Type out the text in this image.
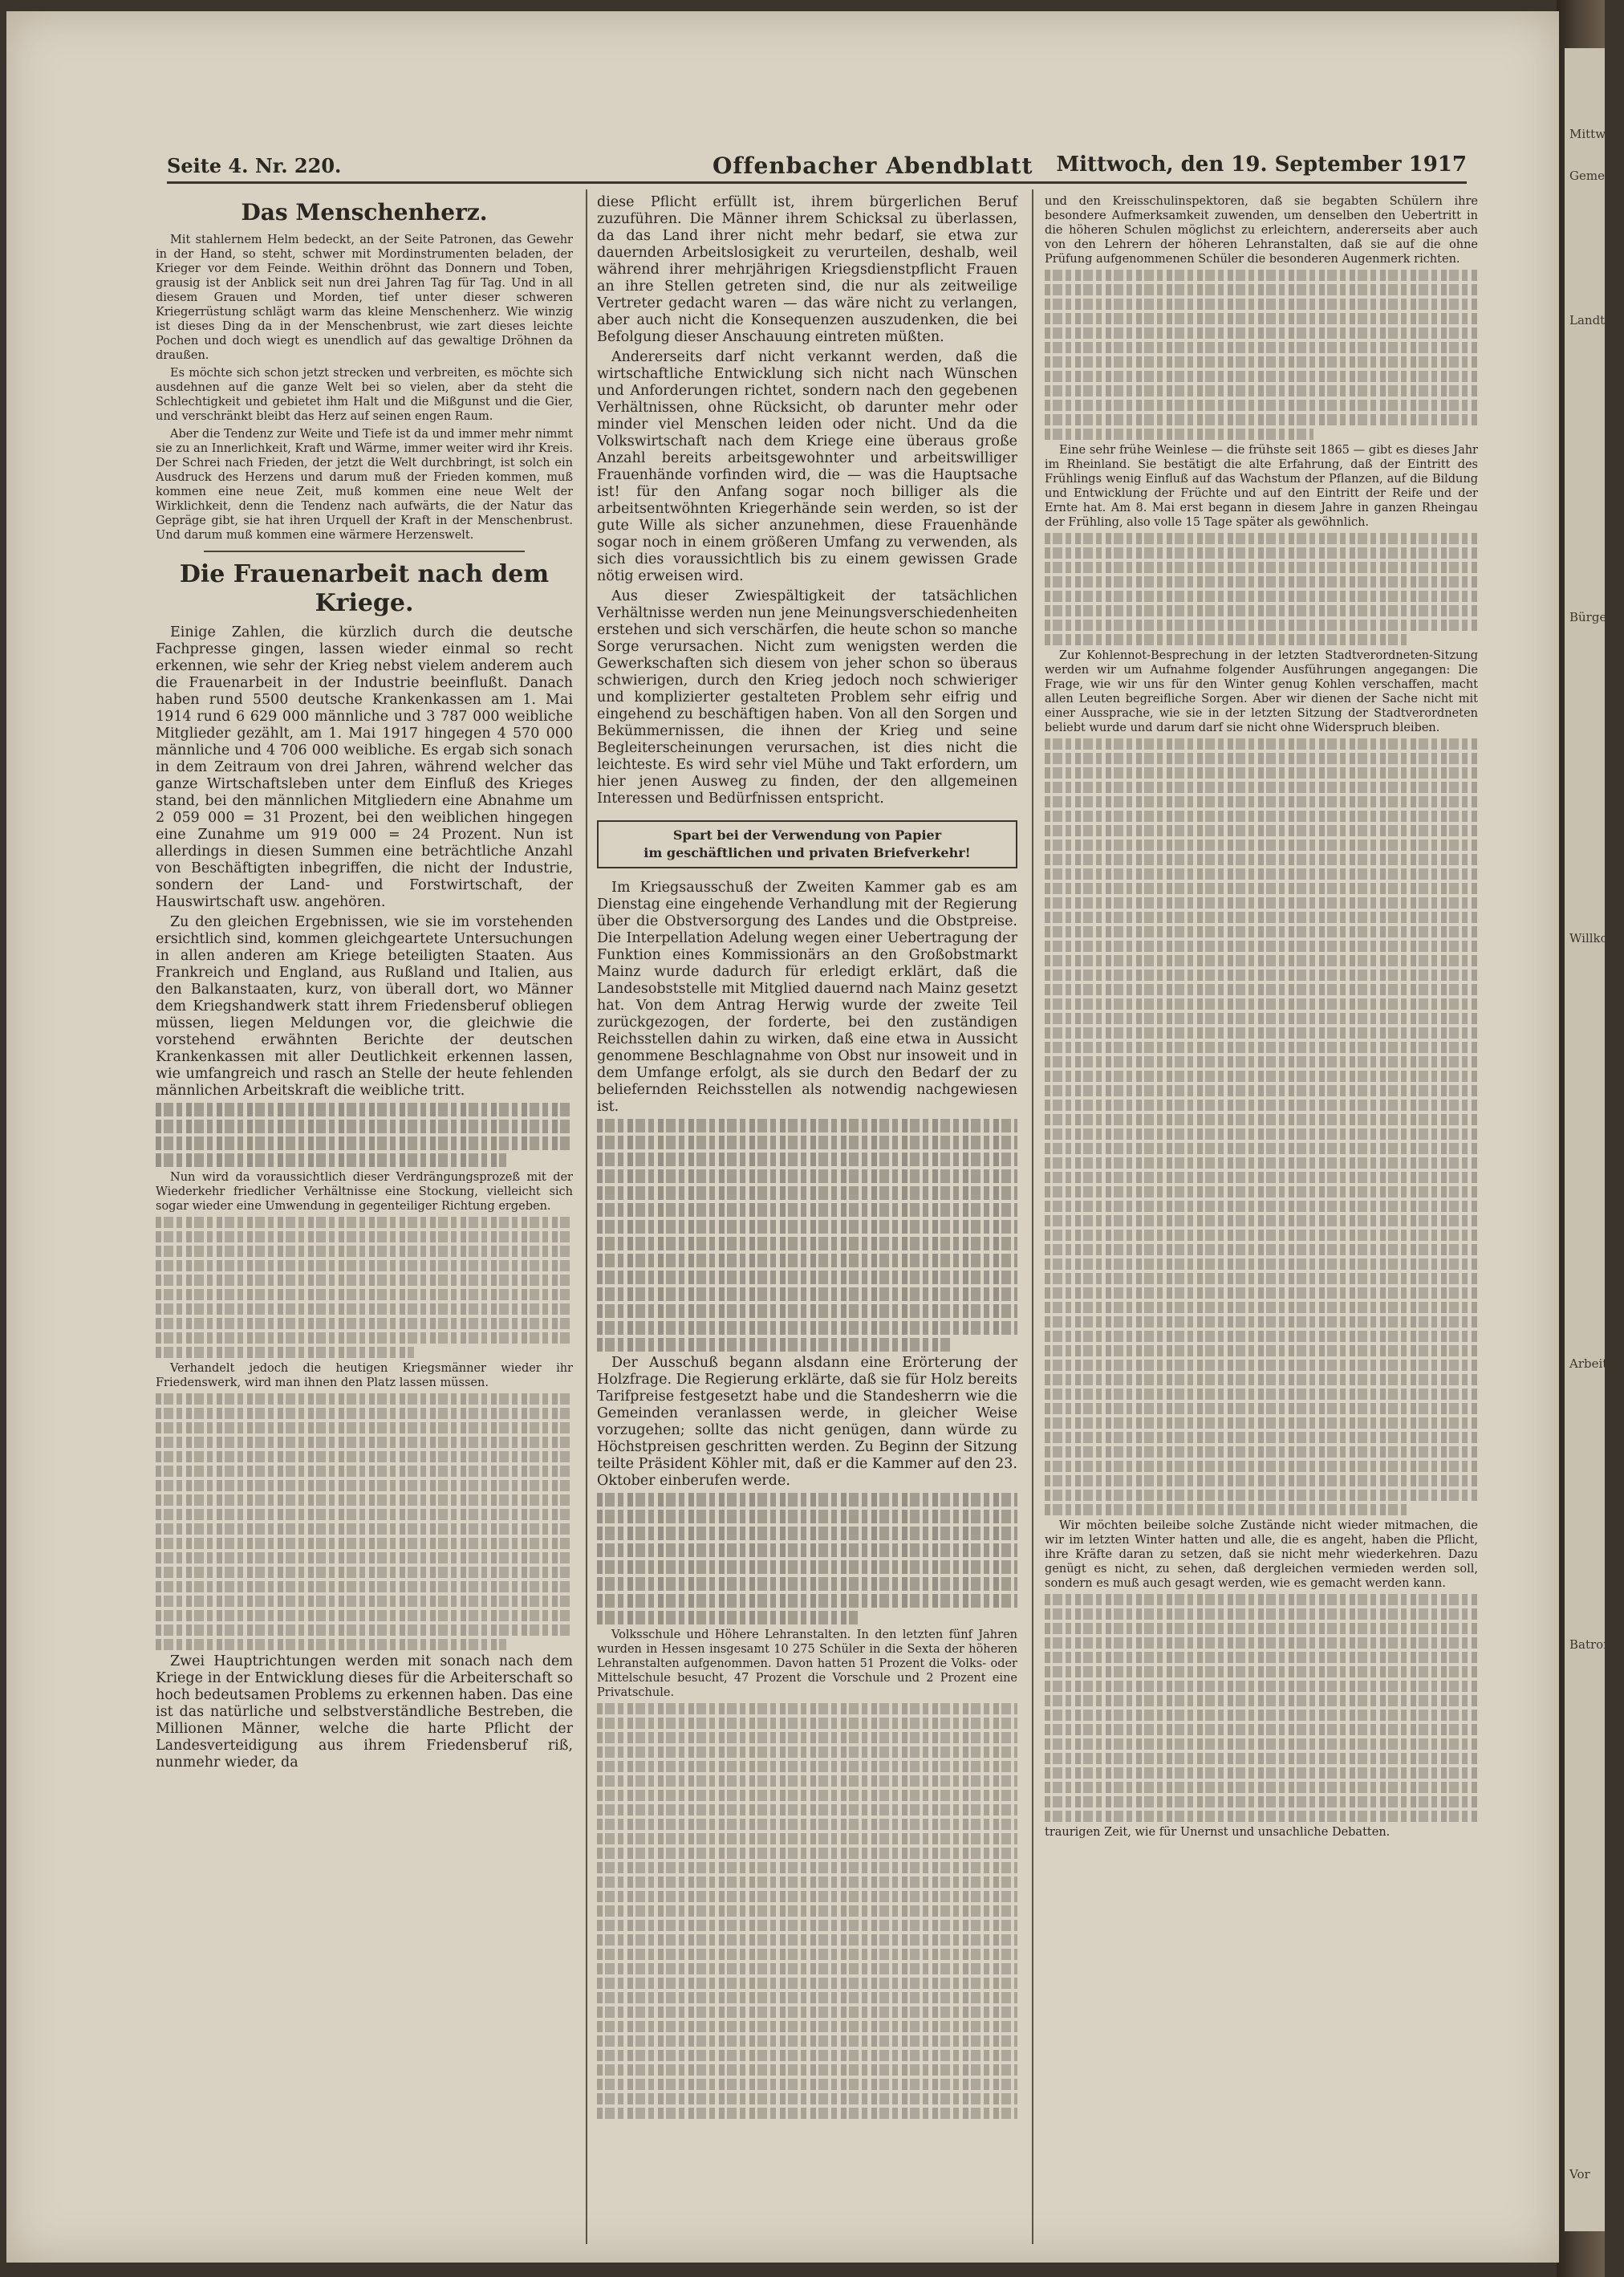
Mittw
Gemeind
Landtag
Bürger
Willkom
Arbeiter
Batron
Vor
Seite 4. Nr. 220.	Offenbacher Abendblatt Mittwoch, den 19. September 1917
Das Menschenherz.

Mit stahlernem Helm bedeckt, an der Seite Patronen, das Gewehr in der Hand, so steht, schwer mit Mordinstrumenten beladen, der Krieger vor dem Feinde. Weithin dröhnt das Donnern und Toben, grausig ist der Anblick seit nun drei Jahren Tag für Tag. Und in all diesem Grauen und Morden, tief unter dieser schweren Kriegerrüstung schlägt warm das kleine Menschenherz. Wie winzig ist dieses Ding da in der Menschenbrust, wie zart dieses leichte Pochen und doch wiegt es unendlich auf das gewaltige Dröhnen da draußen.

Es möchte sich schon jetzt strecken und verbreiten, es möchte sich ausdehnen auf die ganze Welt bei so vielen, aber da steht die Schlechtigkeit und gebietet ihm Halt und die Mißgunst und die Gier, und verschränkt bleibt das Herz auf seinen engen Raum.

Aber die Tendenz zur Weite und Tiefe ist da und immer mehr nimmt sie zu an Innerlichkeit, Kraft und Wärme, immer weiter wird ihr Kreis. Der Schrei nach Frieden, der jetzt die Welt durchbringt, ist solch ein Ausdruck des Herzens und darum muß der Frieden kommen, muß kommen eine neue Zeit, muß kommen eine neue Welt der Wirklichkeit, denn die Tendenz nach aufwärts, die der Natur das Gepräge gibt, sie hat ihren Urquell der Kraft in der Menschenbrust. Und darum muß kommen eine wärmere Herzenswelt.

Die Frauenarbeit nach dem Kriege.

Einige Zahlen, die kürzlich durch die deutsche Fachpresse gingen, lassen wieder einmal so recht erkennen, wie sehr der Krieg nebst vielem anderem auch die Frauenarbeit in der Industrie beeinflußt. Danach haben rund 5500 deutsche Krankenkassen am 1. Mai 1914 rund 6 629 000 männliche und 3 787 000 weibliche Mitglieder gezählt, am 1. Mai 1917 hingegen 4 570 000 männliche und 4 706 000 weibliche. Es ergab sich sonach in dem Zeitraum von drei Jahren, während welcher das ganze Wirtschaftsleben unter dem Einfluß des Krieges stand, bei den männlichen Mitgliedern eine Abnahme um 2 059 000 = 31 Prozent, bei den weiblichen hingegen eine Zunahme um 919 000 = 24 Prozent. Nun ist allerdings in diesen Summen eine beträchtliche Anzahl von Beschäftigten inbegriffen, die nicht der Industrie, sondern der Land- und Forstwirtschaft, der Hauswirtschaft usw. angehören.

Zu den gleichen Ergebnissen, wie sie im vorstehenden ersichtlich sind, kommen gleichgeartete Untersuchungen in allen anderen am Kriege beteiligten Staaten. Aus Frankreich und England, aus Rußland und Italien, aus den Balkanstaaten, kurz, von überall dort, wo Männer dem Kriegshandwerk statt ihrem Friedensberuf obliegen müssen, liegen Meldungen vor, die gleichwie die vorstehend erwähnten Berichte der deutschen Krankenkassen mit aller Deutlichkeit erkennen lassen, wie umfangreich und rasch an Stelle der heute fehlenden männlichen Arbeitskraft die weibliche tritt.

Nun wird da voraussichtlich dieser Verdrängungsprozeß mit der Wiederkehr friedlicher Verhältnisse eine Stockung, vielleicht sich sogar wieder eine Umwendung in gegenteiliger Richtung ergeben.

Verhandelt jedoch die heutigen Kriegsmänner wieder ihr Friedenswerk, wird man ihnen den Platz lassen müssen.

Zwei Hauptrichtungen werden mit sonach nach dem Kriege in der Entwicklung dieses für die Arbeiterschaft so hoch bedeutsamen Problems zu erkennen haben. Das eine ist das natürliche und selbstverständliche Bestreben, die Millionen Männer, welche die harte Pflicht der Landesverteidigung aus ihrem Friedensberuf riß, nunmehr wieder, da

diese Pflicht erfüllt ist, ihrem bürgerlichen Beruf zuzuführen. Die Männer ihrem Schicksal zu überlassen, da das Land ihrer nicht mehr bedarf, sie etwa zur dauernden Arbeitslosigkeit zu verurteilen, deshalb, weil während ihrer mehrjährigen Kriegsdienstpflicht Frauen an ihre Stellen getreten sind, die nur als zeitweilige Vertreter gedacht waren — das wäre nicht zu verlangen, aber auch nicht die Konsequenzen auszudenken, die bei Befolgung dieser Anschauung eintreten müßten.

Andererseits darf nicht verkannt werden, daß die wirtschaftliche Entwicklung sich nicht nach Wünschen und Anforderungen richtet, sondern nach den gegebenen Verhältnissen, ohne Rücksicht, ob darunter mehr oder minder viel Menschen leiden oder nicht. Und da die Volkswirtschaft nach dem Kriege eine überaus große Anzahl bereits arbeitsgewohnter und arbeitswilliger Frauenhände vorfinden wird, die — was die Hauptsache ist! für den Anfang sogar noch billiger als die arbeitsentwöhnten Kriegerhände sein werden, so ist der gute Wille als sicher anzunehmen, diese Frauenhände sogar noch in einem größeren Umfang zu verwenden, als sich dies voraussichtlich bis zu einem gewissen Grade nötig erweisen wird.

Aus dieser Zwiespältigkeit der tatsächlichen Verhältnisse werden nun jene Meinungsverschiedenheiten erstehen und sich verschärfen, die heute schon so manche Sorge verursachen. Nicht zum wenigsten werden die Gewerkschaften sich diesem von jeher schon so überaus schwierigen, durch den Krieg jedoch noch schwieriger und komplizierter gestalteten Problem sehr eifrig und eingehend zu beschäftigen haben. Von all den Sorgen und Bekümmernissen, die ihnen der Krieg und seine Begleiterscheinungen verursachen, ist dies nicht die leichteste. Es wird sehr viel Mühe und Takt erfordern, um hier jenen Ausweg zu finden, der den allgemeinen Interessen und Bedürfnissen entspricht.

Spart bei der Verwendung von Papier
im geschäftlichen und privaten Briefverkehr!

Im Kriegsausschuß der Zweiten Kammer gab es am Dienstag eine eingehende Verhandlung mit der Regierung über die Obstversorgung des Landes und die Obstpreise. Die Interpellation Adelung wegen einer Uebertragung der Funktion eines Kommissionärs an den Großobstmarkt Mainz wurde dadurch für erledigt erklärt, daß die Landesobststelle mit Mitglied dauernd nach Mainz gesetzt hat. Von dem Antrag Herwig wurde der zweite Teil zurückgezogen, der forderte, bei den zuständigen Reichsstellen dahin zu wirken, daß eine etwa in Aussicht genommene Beschlagnahme von Obst nur insoweit und in dem Umfange erfolgt, als sie durch den Bedarf der zu beliefernden Reichsstellen als notwendig nachgewiesen ist.

Der Ausschuß begann alsdann eine Erörterung der Holzfrage. Die Regierung erklärte, daß sie für Holz bereits Tarifpreise festgesetzt habe und die Standesherrn wie die Gemeinden veranlassen werde, in gleicher Weise vorzugehen; sollte das nicht genügen, dann würde zu Höchstpreisen geschritten werden. Zu Beginn der Sitzung teilte Präsident Köhler mit, daß er die Kammer auf den 23. Oktober einberufen werde.

Volksschule und Höhere Lehranstalten. In den letzten fünf Jahren wurden in Hessen insgesamt 10 275 Schüler in die Sexta der höheren Lehranstalten aufgenommen. Davon hatten 51 Prozent die Volks- oder Mittelschule besucht, 47 Prozent die Vorschule und 2 Prozent eine Privatschule.

und den Kreisschulinspektoren, daß sie begabten Schülern ihre besondere Aufmerksamkeit zuwenden, um denselben den Uebertritt in die höheren Schulen möglichst zu erleichtern, andererseits aber auch von den Lehrern der höheren Lehranstalten, daß sie auf die ohne Prüfung aufgenommenen Schüler die besonderen Augenmerk richten.

Eine sehr frühe Weinlese — die frühste seit 1865 — gibt es dieses Jahr im Rheinland. Sie bestätigt die alte Erfahrung, daß der Eintritt des Frühlings wenig Einfluß auf das Wachstum der Pflanzen, auf die Bildung und Entwicklung der Früchte und auf den Eintritt der Reife und der Ernte hat. Am 8. Mai erst begann in diesem Jahre in ganzen Rheingau der Frühling, also volle 15 Tage später als gewöhnlich.

Zur Kohlennot-Besprechung in der letzten Stadtverordneten-Sitzung werden wir um Aufnahme folgender Ausführungen angegangen: Die Frage, wie wir uns für den Winter genug Kohlen verschaffen, macht allen Leuten begreifliche Sorgen. Aber wir dienen der Sache nicht mit einer Aussprache, wie sie in der letzten Sitzung der Stadtverordneten beliebt wurde und darum darf sie nicht ohne Widerspruch bleiben.

Wir möchten beileibe solche Zustände nicht wieder mitmachen, die wir im letzten Winter hatten und alle, die es angeht, haben die Pflicht, ihre Kräfte daran zu setzen, daß sie nicht mehr wiederkehren. Dazu genügt es nicht, zu sehen, daß dergleichen vermieden werden soll, sondern es muß auch gesagt werden, wie es gemacht werden kann.

traurigen Zeit, wie für Unernst und unsachliche Debatten.
